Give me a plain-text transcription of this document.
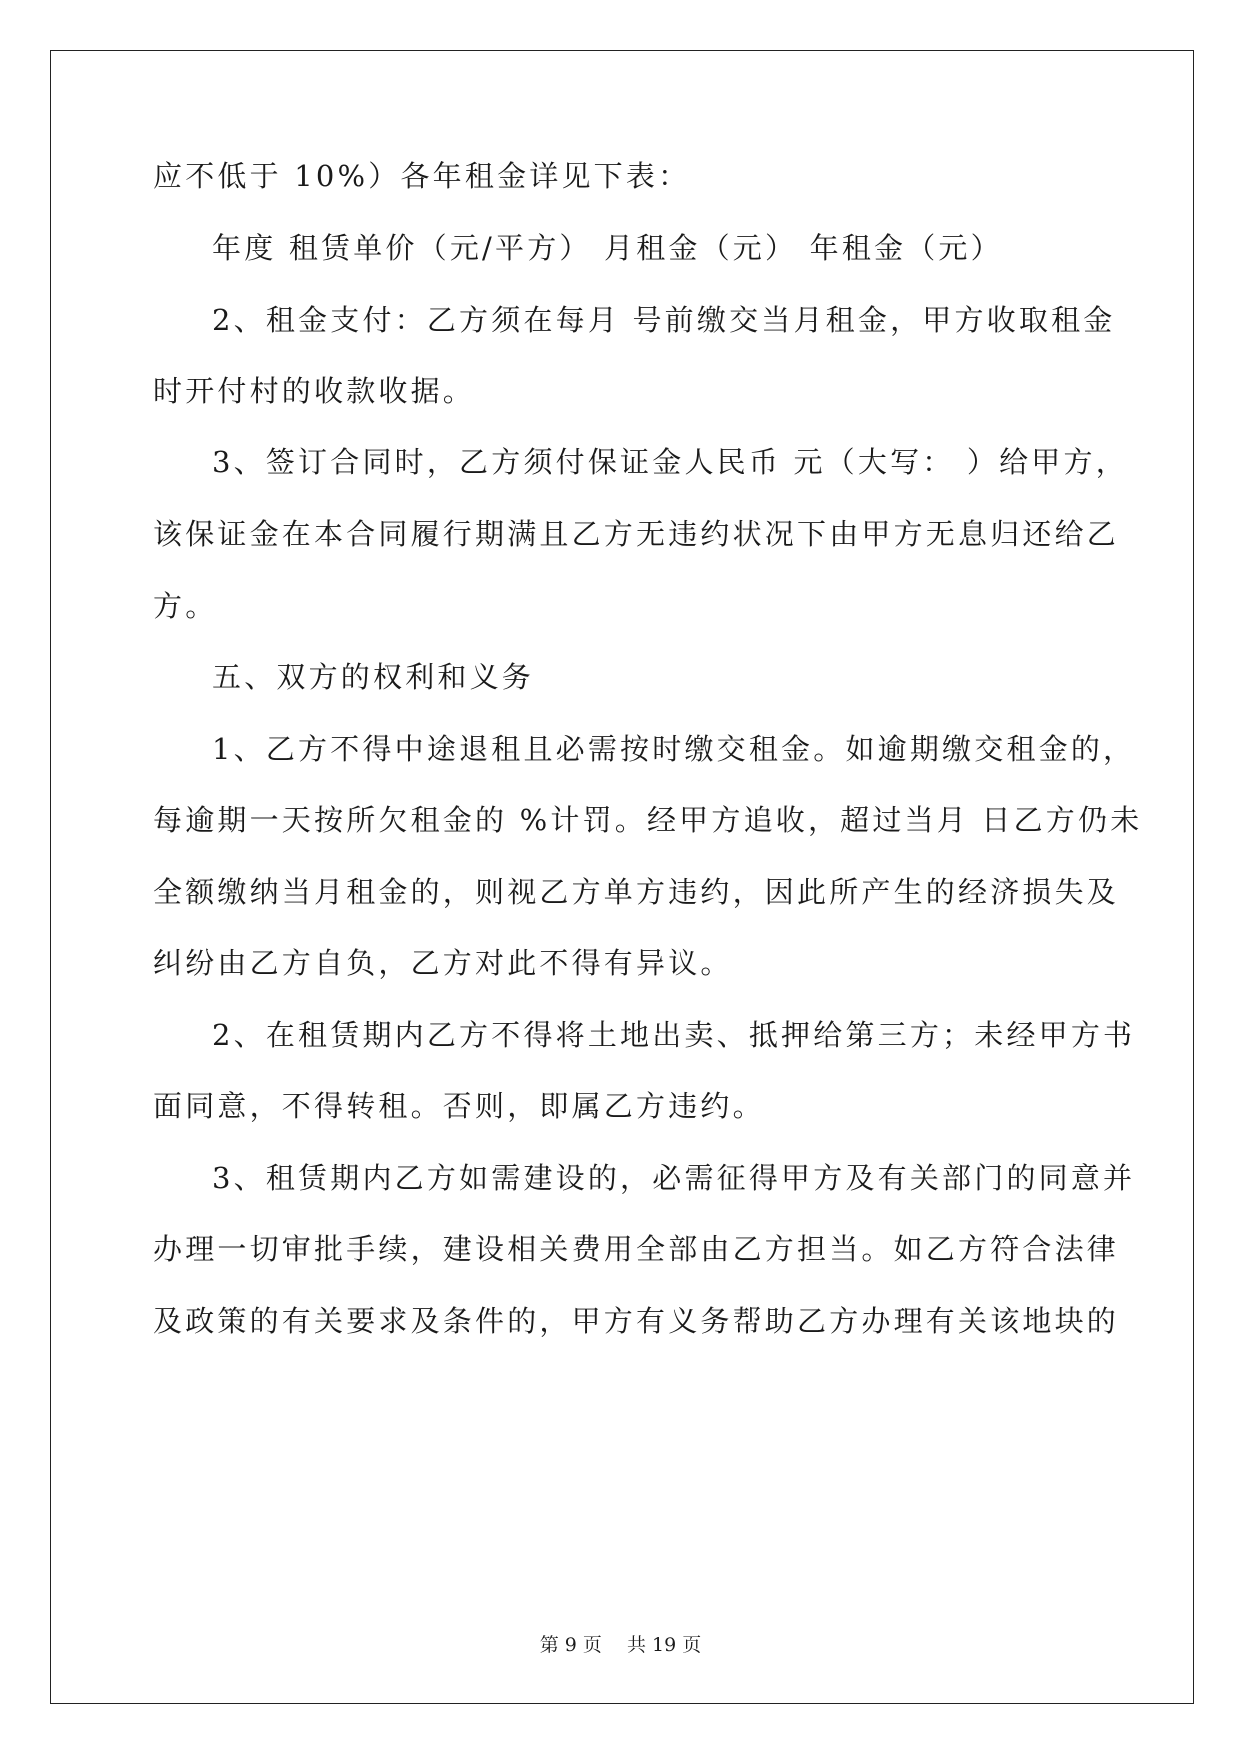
应不低于 10%）各年租金详见下表：
年度 租赁单价（元/平方） 月租金（元） 年租金（元）
2、租金支付：乙方须在每月 号前缴交当月租金，甲方收取租金
时开付村的收款收据。
3、签订合同时，乙方须付保证金人民币 元（大写： ）给甲方，
该保证金在本合同履行期满且乙方无违约状况下由甲方无息归还给乙
方。
五、双方的权利和义务
1、乙方不得中途退租且必需按时缴交租金。如逾期缴交租金的，
每逾期一天按所欠租金的 %计罚。经甲方追收，超过当月 日乙方仍未
全额缴纳当月租金的，则视乙方单方违约，因此所产生的经济损失及
纠纷由乙方自负，乙方对此不得有异议。
2、在租赁期内乙方不得将土地出卖、抵押给第三方；未经甲方书
面同意，不得转租。否则，即属乙方违约。
3、租赁期内乙方如需建设的，必需征得甲方及有关部门的同意并
办理一切审批手续，建设相关费用全部由乙方担当。如乙方符合法律
及政策的有关要求及条件的，甲方有义务帮助乙方办理有关该地块的
第 9 页　 共 19 页
